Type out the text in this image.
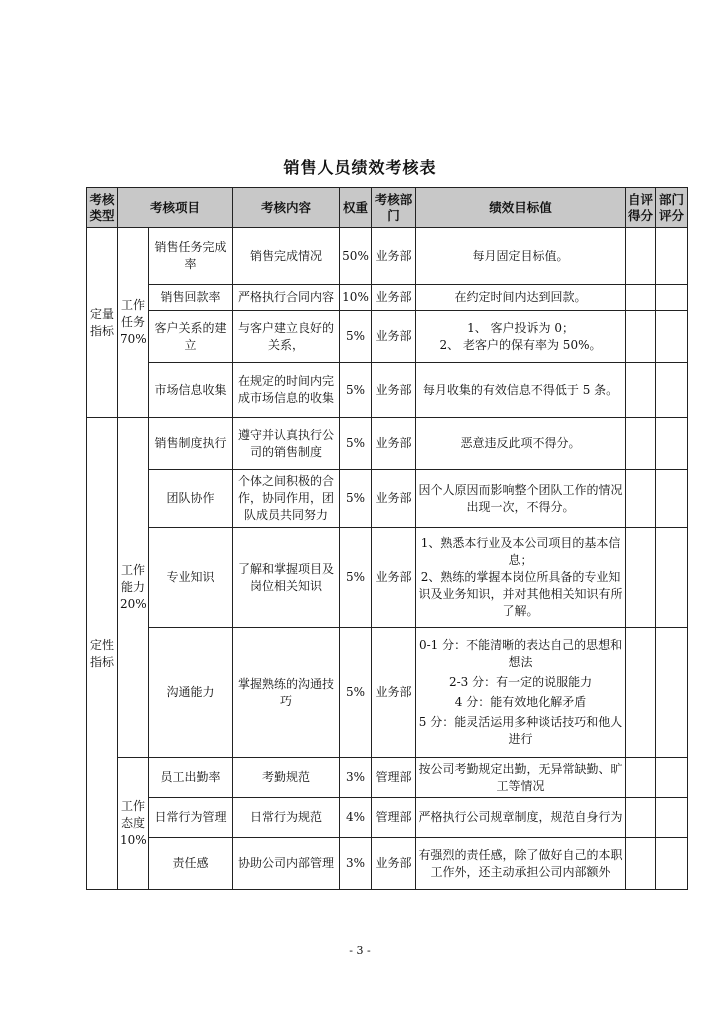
销售人员绩效考核表
考核类型	考核项目		考核内容	权重	考核部门	绩效目标值	自评得分	部门评分
定量指标	工作任务70%	销售任务完成率	销售完成情况	50%	业务部	每月固定目标值。		

		销售回款率	严格执行合同内容	10%	业务部	在约定时间内达到回款。		

		客户关系的建立	与客户建立良好的关系，	5%	业务部	1、 客户投诉为 0；
2、 老客户的保有率为 50%。		

		市场信息收集	在规定的时间内完成市场信息的收集	5%	业务部	每月收集的有效信息不得低于 5 条。		

定性指标	工作能力20%	销售制度执行	遵守并认真执行公司的销售制度	5%	业务部	恶意违反此项不得分。		

		团队协作	个体之间积极的合作，协同作用，团队成员共同努力	5%	业务部	因个人原因而影响整个团队工作的情况出现一次，不得分。		

		专业知识	了解和掌握项目及岗位相关知识	5%	业务部	1、熟悉本行业及本公司项目的基本信息；
2、熟练的掌握本岗位所具备的专业知识及业务知识，并对其他相关知识有所了解。		

		沟通能力	掌握熟练的沟通技巧	5%	业务部	0-1 分：不能清晰的表达自己的思想和想法
2-3 分：有一定的说服能力
4 分：能有效地化解矛盾
5 分：能灵活运用多种谈话技巧和他人进行		

	工作态度10%	员工出勤率	考勤规范	3%	管理部	按公司考勤规定出勤，无异常缺勤、旷工等情况		

		日常行为管理	日常行为规范	4%	管理部	严格执行公司规章制度，规范自身行为		

		责任感	协助公司内部管理	3%	业务部	有强烈的责任感，除了做好自己的本职工作外，还主动承担公司内部额外		

- 3 -
